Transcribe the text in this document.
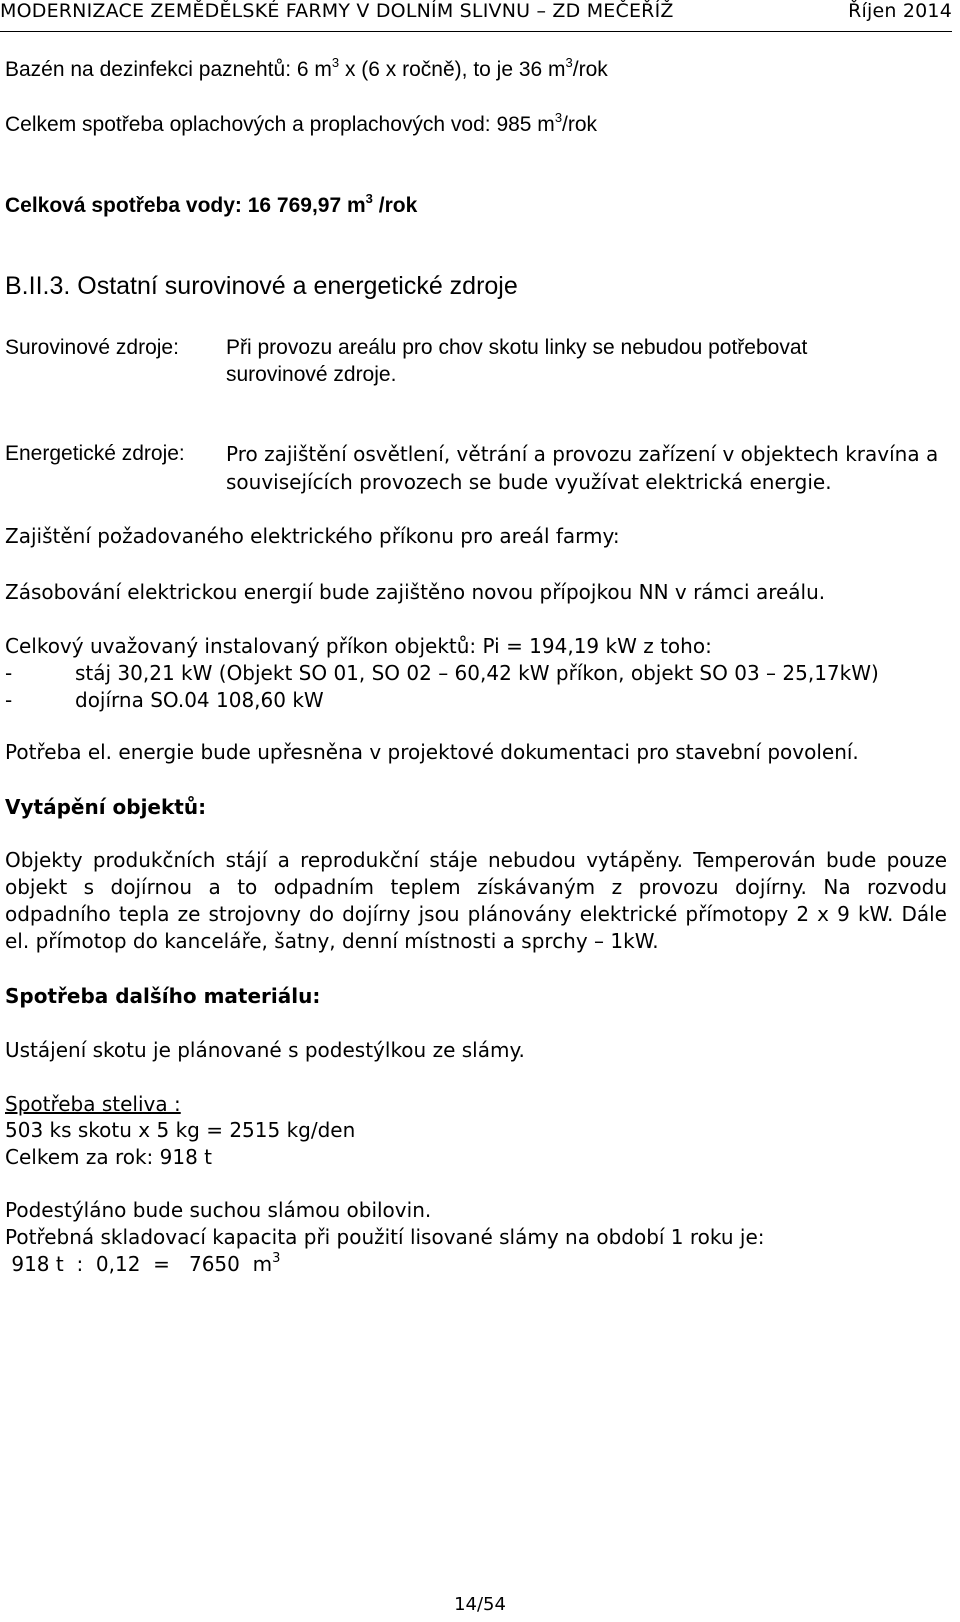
MODERNIZACE ZEMĚDĚLSKÉ FARMY V DOLNÍM SLIVNU – ZD MEČEŘÍŽ	Říjen 2014
Bazén na dezinfekci paznehtů: 6 $m^3$ x (6 x ročně), to je 36 $m^3$/rok
Celkem spotřeba oplachových a proplachových vod: 985 $m^3$/rok
Celková spotřeba vody: 16 769,97 $m^3$ /rok
B.II.3. Ostatní surovinové a energetické zdroje
Surovinové zdroje: Při provozu areálu pro chov skotu linky se nebudou potřebovat
surovinové zdroje.
Energetické zdroje: Pro zajištění osvětlení, větrání a provozu zařízení v objektech kravína a
souvisejících provozech se bude využívat elektrická energie.
Zajištění požadovaného elektrického příkonu pro areál farmy:
Zásobování elektrickou energií bude zajištěno novou přípojkou NN v rámci areálu.
Celkový uvažovaný instalovaný příkon objektů: Pi = 194,19 kW z toho:
-	stáj 30,21 kW (Objekt SO 01, SO 02 – 60,42 kW příkon, objekt SO 03 – 25,17kW)
-	dojírna SO.04 108,60 kW
Potřeba el. energie bude upřesněna v projektové dokumentaci pro stavební povolení.
Vytápění objektů:
Objekty produkčních stájí a reprodukční stáje nebudou vytápěny. Temperován bude pouze
objekt s dojírnou a to odpadním teplem získávaným z provozu dojírny. Na rozvodu
odpadního tepla ze strojovny do dojírny jsou plánovány elektrické přímotopy 2 x 9 kW. Dále
el. přímotop do kanceláře, šatny, denní místnosti a sprchy – 1kW.
Spotřeba dalšího materiálu:
Ustájení skotu je plánované s podestýlkou ze slámy.
Spotřeba steliva :
503 ks skotu x 5 kg = 2515 kg/den
Celkem za rok: 918 t
Podestýláno bude suchou slámou obilovin.
Potřebná skladovací kapacita při použití lisované slámy na období 1 roku je:
918 t  :  0,12  =   7650  $m^3$
14/54
